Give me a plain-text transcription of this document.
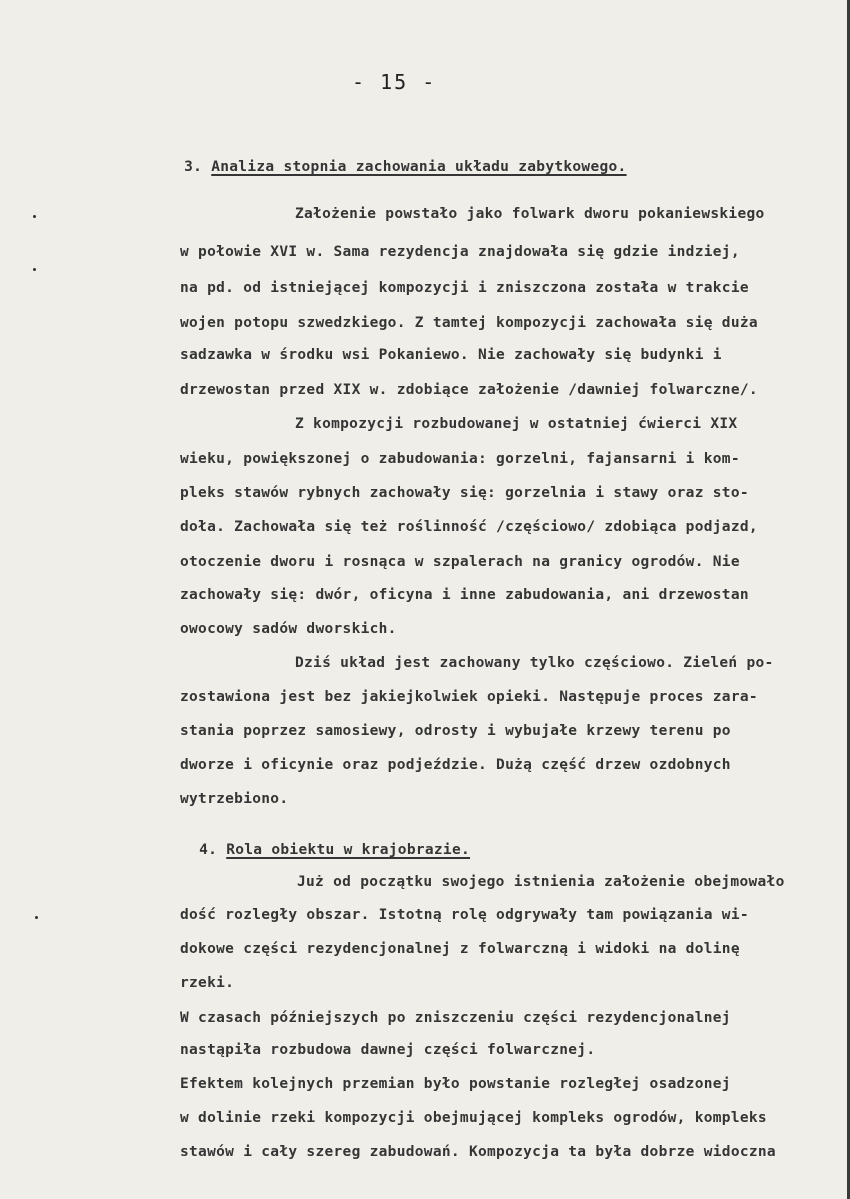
- 15 -

3. Analiza stopnia zachowania układu zabytkowego.

Założenie powstało jako folwark dworu pokaniewskiego
w połowie XVI w. Sama rezydencja znajdowała się gdzie indziej,
na pd. od istniejącej kompozycji i zniszczona została w trakcie
wojen potopu szwedzkiego. Z tamtej kompozycji zachowała się duża
sadzawka w środku wsi Pokaniewo. Nie zachowały się budynki i
drzewostan przed XIX w. zdobiące założenie /dawniej folwarczne/.
Z kompozycji rozbudowanej w ostatniej ćwierci XIX
wieku, powiększonej o zabudowania: gorzelni, fajansarni i kom-
pleks stawów rybnych zachowały się: gorzelnia i stawy oraz sto-
doła. Zachowała się też roślinność /częściowo/ zdobiąca podjazd,
otoczenie dworu i rosnąca w szpalerach na granicy ogrodów. Nie
zachowały się: dwór, oficyna i inne zabudowania, ani drzewostan
owocowy sadów dworskich.
Dziś układ jest zachowany tylko częściowo. Zieleń po-
zostawiona jest bez jakiejkolwiek opieki. Następuje proces zara-
stania poprzez samosiewy, odrosty i wybujałe krzewy terenu po
dworze i oficynie oraz podjeździe. Dużą część drzew ozdobnych
wytrzebiono.

4. Rola obiektu w krajobrazie.

Już od początku swojego istnienia założenie obejmowało
dość rozległy obszar. Istotną rolę odgrywały tam powiązania wi-
dokowe części rezydencjonalnej z folwarczną i widoki na dolinę
rzeki.
W czasach późniejszych po zniszczeniu części rezydencjonalnej
nastąpiła rozbudowa dawnej części folwarcznej.
Efektem kolejnych przemian było powstanie rozległej osadzonej
w dolinie rzeki kompozycji obejmującej kompleks ogrodów, kompleks
stawów i cały szereg zabudowań. Kompozycja ta była dobrze widoczna
